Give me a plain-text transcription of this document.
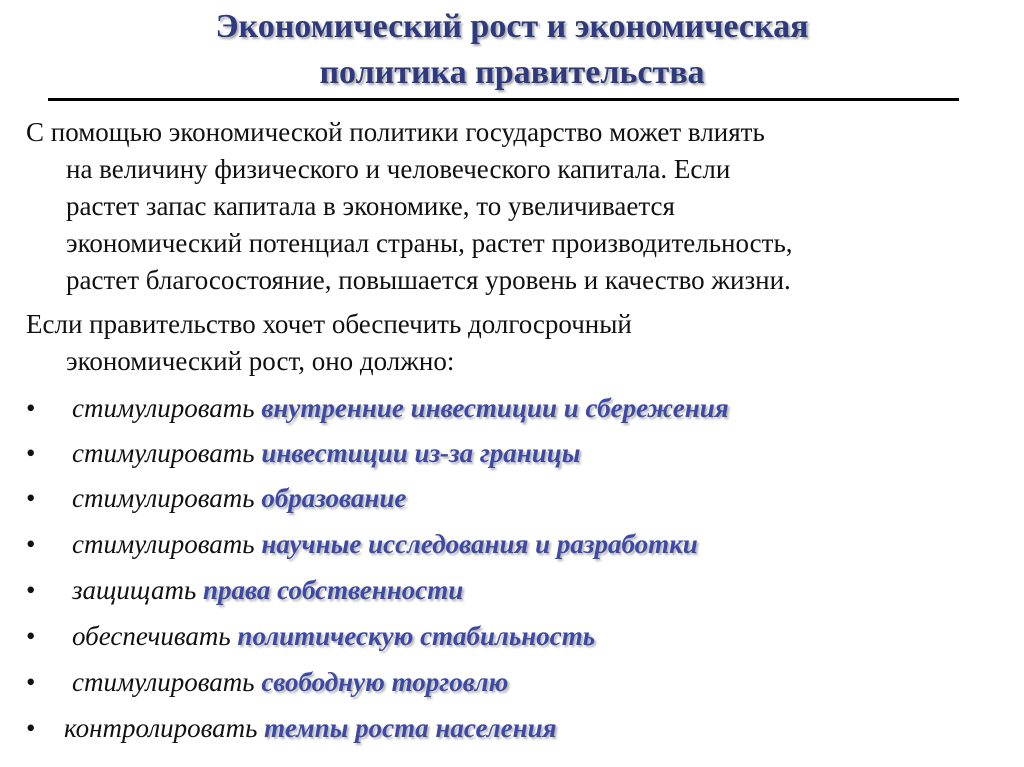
Экономический рост и экономическая
политика правительства
С помощью экономической политики государство может влиять
на величину физического и человеческого капитала. Если
растет запас капитала в экономике, то увеличивается
экономический потенциал страны, растет производительность,
растет благосостояние, повышается уровень и качество жизни.
Если правительство хочет обеспечить долгосрочный
экономический рост, оно должно:
• стимулировать внутренние инвестиции и сбережения
• стимулировать инвестиции из-за границы
• стимулировать образование
• стимулировать научные исследования и разработки
• защищать права собственности
• обеспечивать политическую стабильность
• стимулировать свободную торговлю
• контролировать темпы роста населения
